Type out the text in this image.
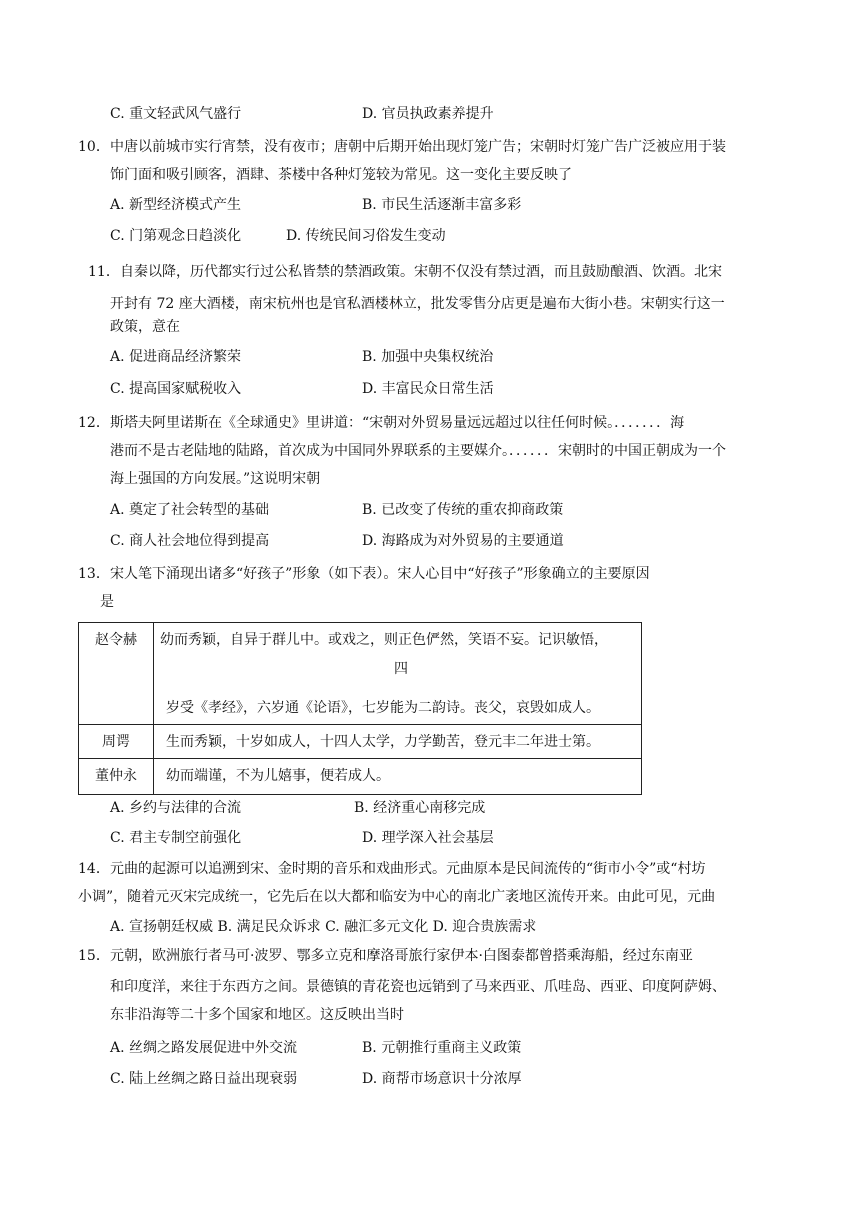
C. 重文轻武风气盛行	D. 官员执政素养提升
10． 中唐以前城市实行宵禁，没有夜市；唐朝中后期开始出现灯笼广告；宋朝时灯笼广告广泛被应用于装
饰门面和吸引顾客，酒肆、茶楼中各种灯笼较为常见。这一变化主要反映了
A. 新型经济模式产生	B. 市民生活逐渐丰富多彩
C. 门第观念日趋淡化	D. 传统民间习俗发生变动
11． 自秦以降，历代都实行过公私皆禁的禁酒政策。宋朝不仅没有禁过酒，而且鼓励酿酒、饮酒。北宋
开封有 72 座大酒楼，南宋杭州也是官私酒楼林立，批发零售分店更是遍布大街小巷。宋朝实行这一
政策，意在
A. 促进商品经济繁荣	B. 加强中央集权统治
C. 提高国家赋税收入	D. 丰富民众日常生活
12． 斯塔夫阿里诺斯在《全球通史》里讲道：“宋朝对外贸易量远远超过以往任何时候。．．．．．．．海
港而不是古老陆地的陆路，首次成为中国同外界联系的主要媒介。．．．．．．宋朝时的中国正朝成为一个
海上强国的方向发展。”这说明宋朝
A. 奠定了社会转型的基础	B. 已改变了传统的重农抑商政策
C. 商人社会地位得到提高	D. 海路成为对外贸易的主要通道
13． 宋人笔下涌现出诸多“好孩子”形象（如下表）。宋人心目中“好孩子”形象确立的主要原因
是
赵令赫	幼而秀颖，自异于群儿中。或戏之，则正色俨然，笑语不妄。记识敏悟，
四
岁受《孝经》，六岁通《论语》，七岁能为二韵诗。丧父，哀毁如成人。

周谔	生而秀颖，十岁如成人，十四人太学，力学勤苦，登元丰二年进士第。

董仲永	幼而端谨，不为儿嬉事，便若成人。
A. 乡约与法律的合流	B. 经济重心南移完成
C. 君主专制空前强化	D. 理学深入社会基层
14． 元曲的起源可以追溯到宋、金时期的音乐和戏曲形式。元曲原本是民间流传的“街市小令”或“村坊
小调”，随着元灭宋完成统一，它先后在以大都和临安为中心的南北广袤地区流传开来。由此可见，元曲
A. 宣扬朝廷权威 B. 满足民众诉求 C. 融汇多元文化 D. 迎合贵族需求
15． 元朝，欧洲旅行者马可·波罗、鄂多立克和摩洛哥旅行家伊本·白图泰都曾搭乘海船，经过东南亚
和印度洋，来往于东西方之间。景德镇的青花瓷也远销到了马来西亚、爪哇岛、西亚、印度阿萨姆、
东非沿海等二十多个国家和地区。这反映出当时
A. 丝绸之路发展促进中外交流	B. 元朝推行重商主义政策
C. 陆上丝绸之路日益出现衰弱	D. 商帮市场意识十分浓厚
